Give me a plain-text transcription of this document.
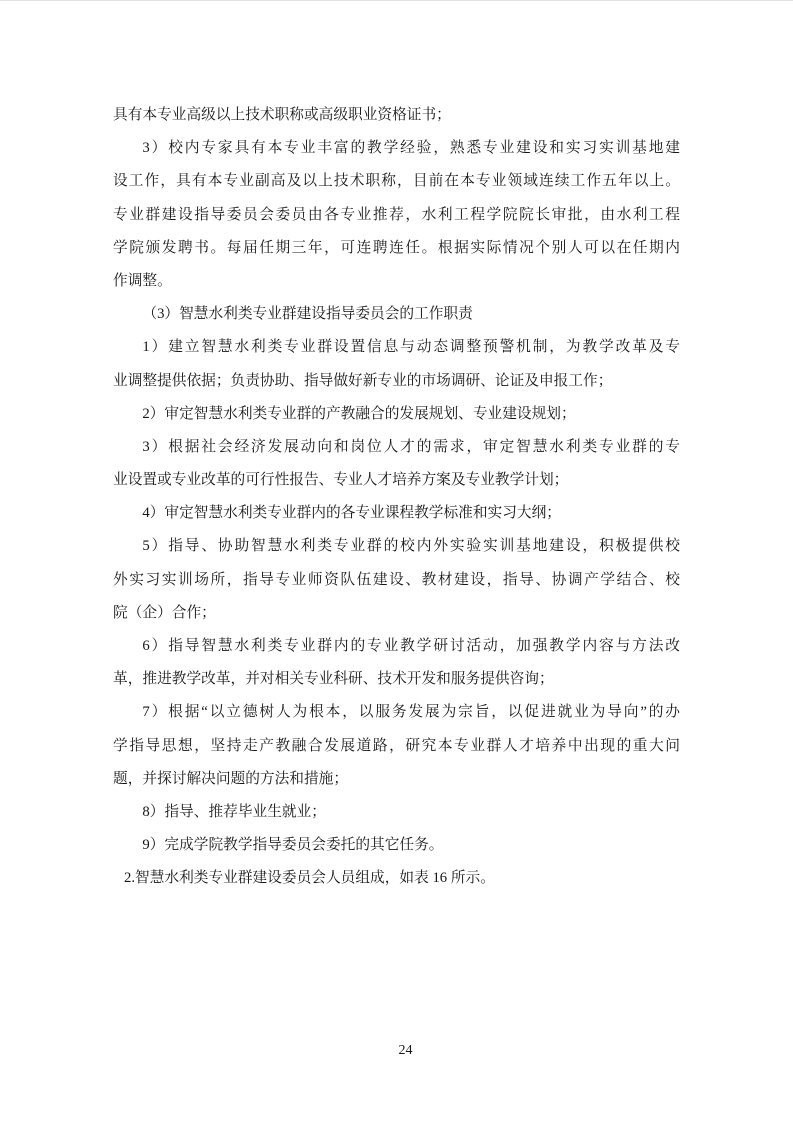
具有本专业高级以上技术职称或高级职业资格证书；
3）校内专家具有本专业丰富的教学经验，熟悉专业建设和实习实训基地建
设工作，具有本专业副高及以上技术职称，目前在本专业领域连续工作五年以上。
专业群建设指导委员会委员由各专业推荐，水利工程学院院长审批，由水利工程
学院颁发聘书。每届任期三年，可连聘连任。根据实际情况个别人可以在任期内
作调整。
（3）智慧水利类专业群建设指导委员会的工作职责
1）建立智慧水利类专业群设置信息与动态调整预警机制，为教学改革及专
业调整提供依据；负责协助、指导做好新专业的市场调研、论证及申报工作；
2）审定智慧水利类专业群的产教融合的发展规划、专业建设规划；
3）根据社会经济发展动向和岗位人才的需求，审定智慧水利类专业群的专
业设置或专业改革的可行性报告、专业人才培养方案及专业教学计划；
4）审定智慧水利类专业群内的各专业课程教学标准和实习大纲；
5）指导、协助智慧水利类专业群的校内外实验实训基地建设，积极提供校
外实习实训场所，指导专业师资队伍建设、教材建设，指导、协调产学结合、校
院（企）合作；
6）指导智慧水利类专业群内的专业教学研讨活动，加强教学内容与方法改
革，推进教学改革，并对相关专业科研、技术开发和服务提供咨询；
7）根据“以立德树人为根本，以服务发展为宗旨，以促进就业为导向”的办
学指导思想，坚持走产教融合发展道路，研究本专业群人才培养中出现的重大问
题，并探讨解决问题的方法和措施；
8）指导、推荐毕业生就业；
9）完成学院教学指导委员会委托的其它任务。
2.智慧水利类专业群建设委员会人员组成，如表 16 所示。
24
